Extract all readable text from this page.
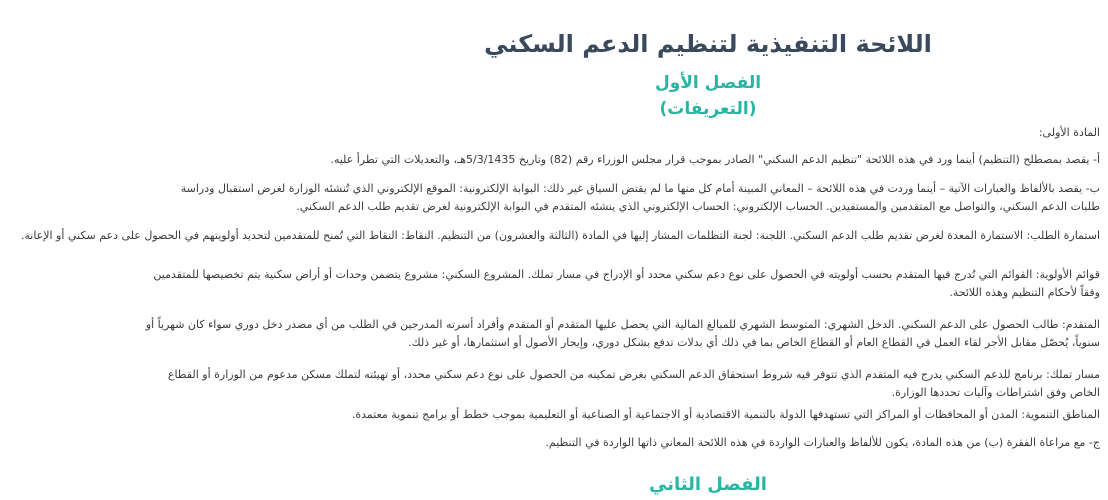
اللائحة التنفيذية لتنظيم الدعم السكني
الفصل الأول
(التعريفات)

المادة الأولى:

أ- يقصد بمصطلح (التنظيم) أينما ورد في هذه اللائحة "تنظيم الدعم السكني" الصادر بموجب قرار مجلس الوزراء رقم (82) وتاريخ 5/3/1435هـ، والتعديلات التي تطرأ عليه.

ب- يقصد بالألفاظ والعبارات الآتية – أينما وردت في هذه اللائحة – المعاني المبينة أمام كل منها ما لم يقتض السياق غير ذلك: البوابة الإلكترونية: الموقع الإلكتروني الذي تُنشئه الوزارة لغرض استقبال ودراسة

طلبات الدعم السكني، والتواصل مع المتقدمين والمستفيدين. الحساب الإلكتروني: الحساب الإلكتروني الذي ينشئه المتقدم في البوابة الإلكترونية لغرض تقديم طلب الدعم السكني.

استمارة الطلب: الاستمارة المعدة لغرض تقديم طلب الدعم السكني. اللجنة: لجنة التظلمات المشار إليها في المادة (الثالثة والعشرون) من التنظيم. النقاط: النقاط التي تُمنح للمتقدمين لتحديد أولويتهم في الحصول على دعم سكني أو الإعانة.

قوائم الأولوية: القوائم التي تُدرج فيها المتقدم بحسب أولويته في الحصول على نوع دعم سكني محدد أو الإدراج في مسار تملك. المشروع السكني: مشروع يتضمن وحدات أو أراض سكنية يتم تخصيصها للمتقدمين

وفقاً لأحكام التنظيم وهذه اللائحة.

المتقدم: طالب الحصول على الدعم السكني. الدخل الشهري: المتوسط الشهري للمبالغ المالية التي يحصل عليها المتقدم أو المتقدم وأفراد أسرته المدرجين في الطلب من أي مصدر دخل دوري سواء كان شهرياً أو

سنوياً، يُحصّل مقابل الأجر لقاء العمل في القطاع العام أو القطاع الخاص بما في ذلك أي بدلات تدفع بشكل دوري، وإيجار الأصول أو استثمارها، أو غير ذلك.

مسار تملك: برنامج للدعم السكني يدرج فيه المتقدم الذي تتوفر فيه شروط استحقاق الدعم السكني بغرض تمكينه من الحصول على نوع دعم سكني محدد، أو تهيئته لتملك مسكن مدعوم من الوزارة أو القطاع

الخاص وفق اشتراطات وآليات تحددها الوزارة.

المناطق التنموية: المدن أو المحافظات أو المراكز التي تستهدفها الدولة بالتنمية الاقتصادية أو الاجتماعية أو الصناعية أو التعليمية بموجب خطط أو برامج تنموية معتمدة.

ج- مع مراعاة الفقرة (ب) من هذه المادة، يكون للألفاظ والعبارات الواردة في هذه اللائحة المعاني ذاتها الواردة في التنظيم.

الفصل الثاني
